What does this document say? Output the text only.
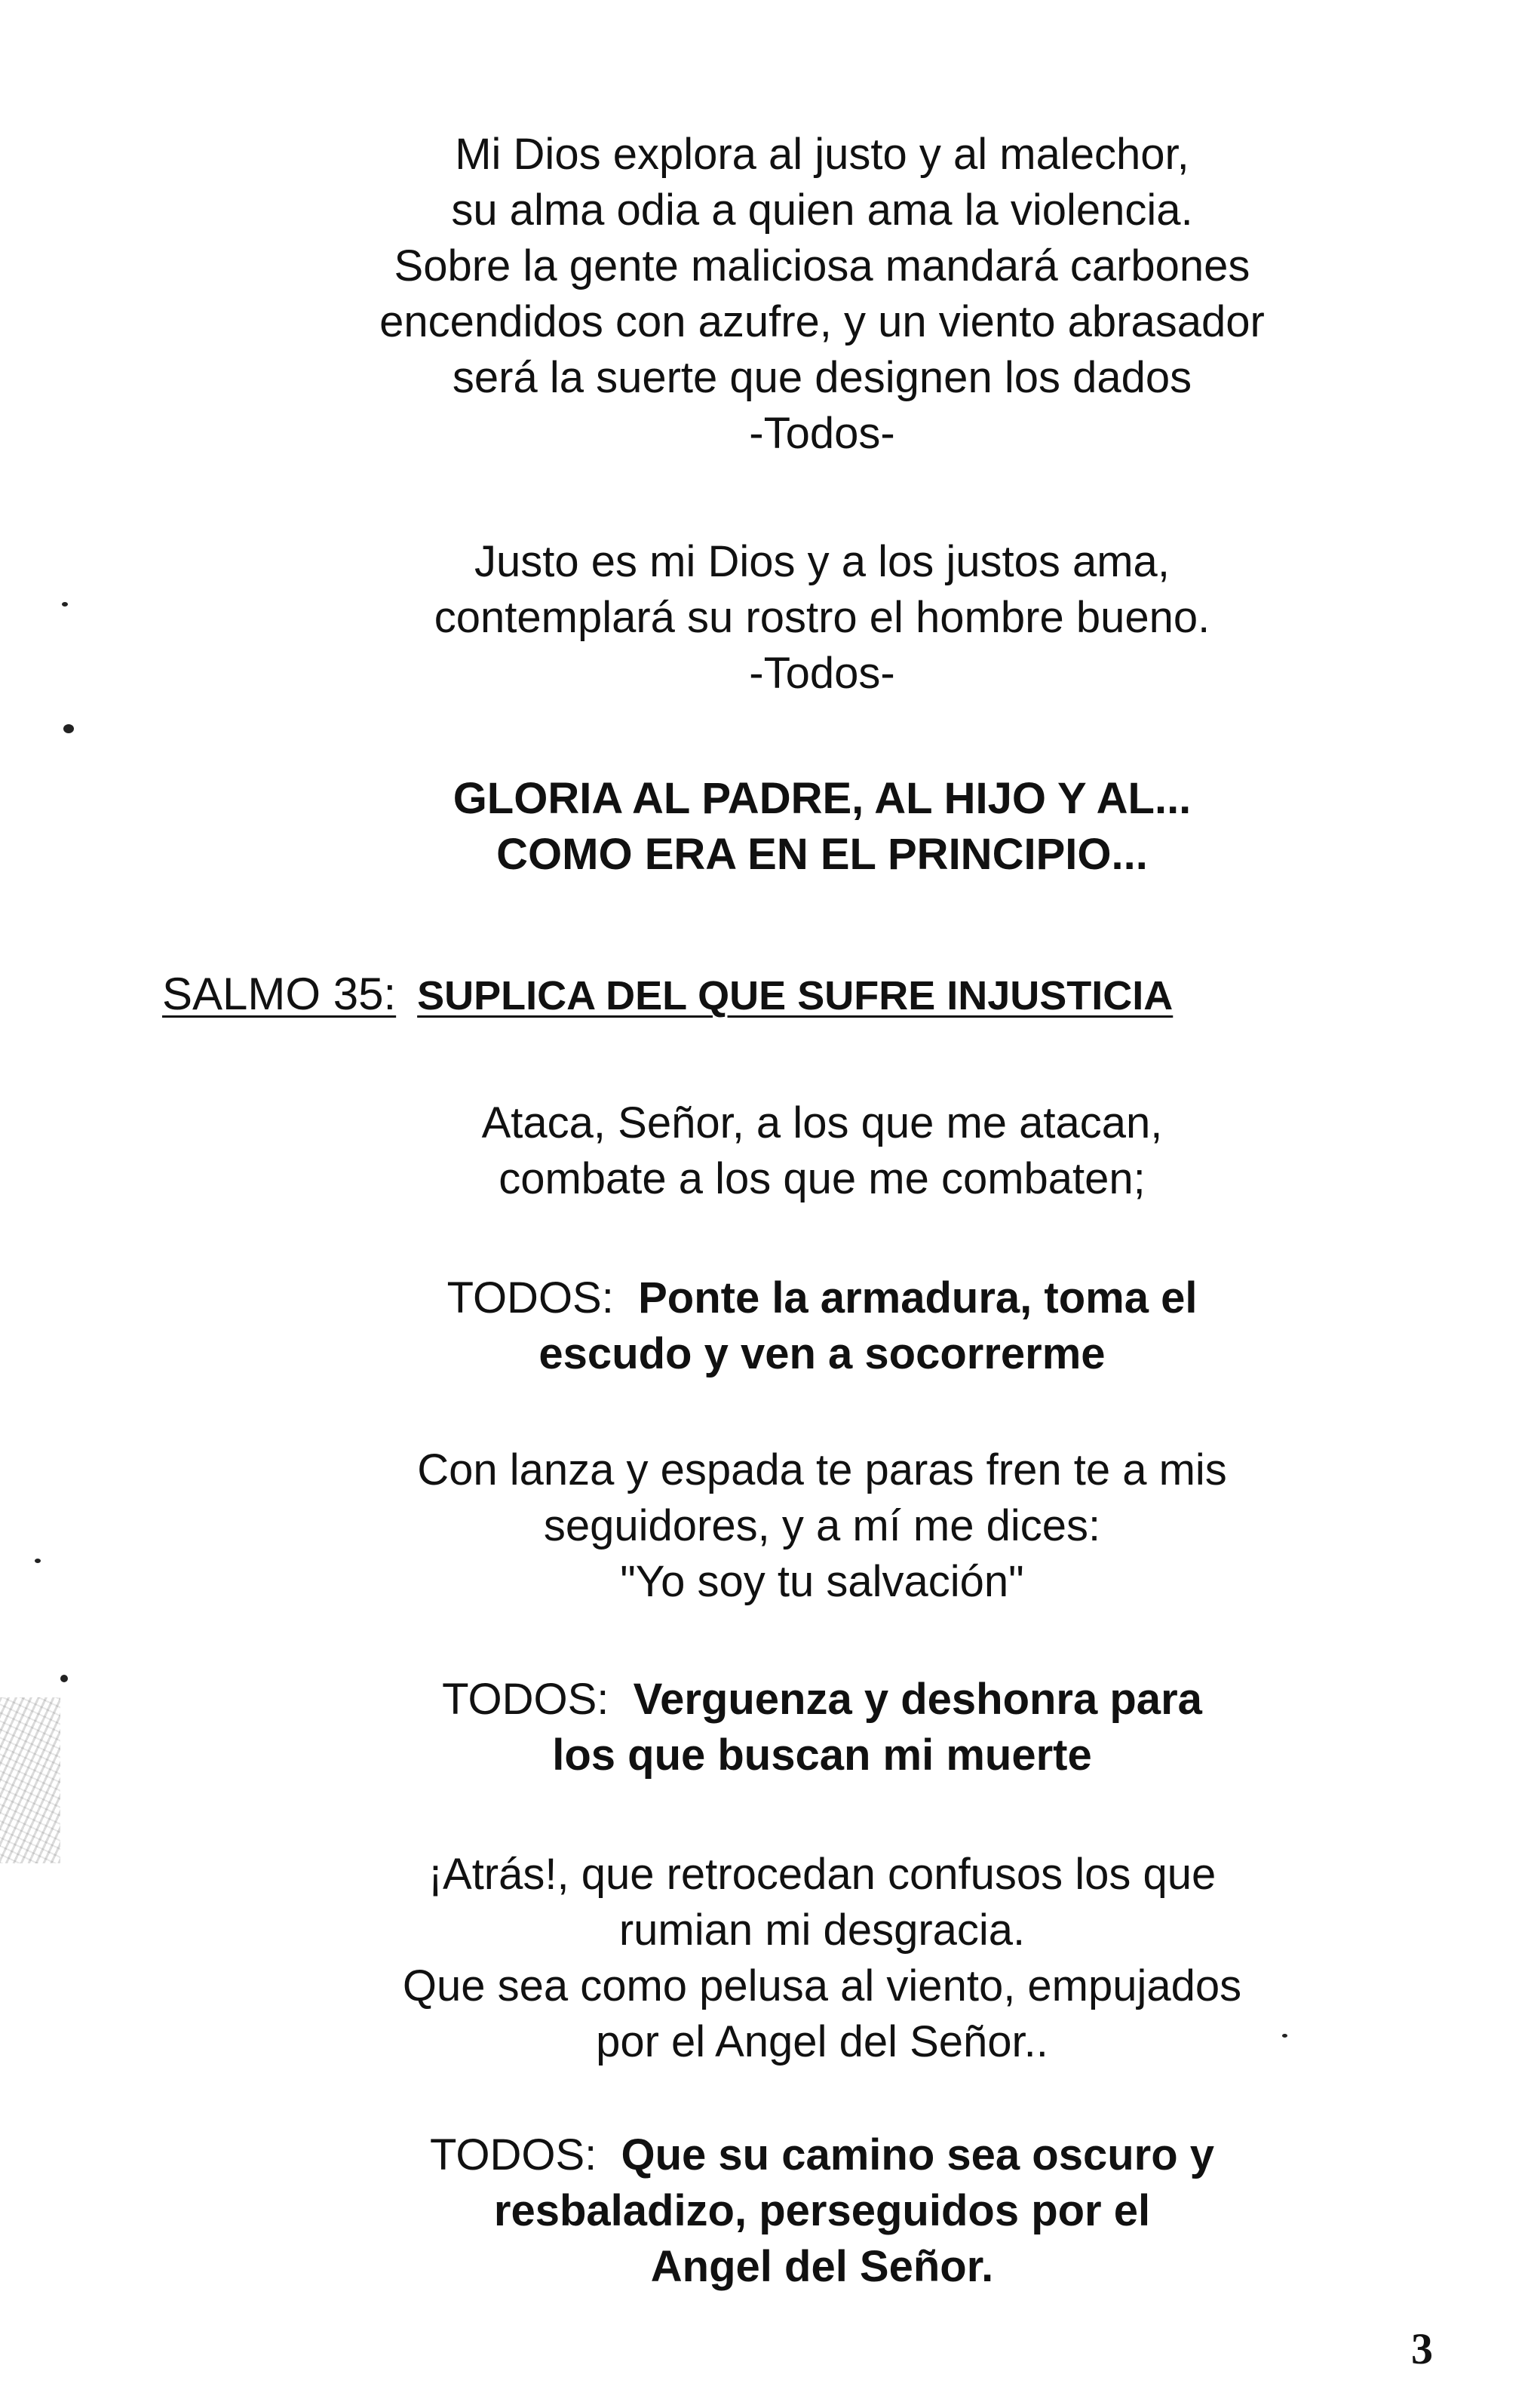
Mi Dios explora al justo y al malechor,
su alma odia a quien ama la violencia.
Sobre la gente maliciosa mandará carbones
encendidos con azufre, y un viento abrasador
será la suerte que designen los dados
-Todos-
Justo es mi Dios y a los justos ama,
contemplará su rostro el hombre bueno.
-Todos-
GLORIA AL PADRE, AL HIJO Y AL...
COMO ERA EN EL PRINCIPIO...
SALMO 35: SUPLICA DEL QUE SUFRE INJUSTICIA
Ataca, Señor, a los que me atacan,
combate a los que me combaten;
TODOS: Ponte la armadura, toma el
escudo y ven a socorrerme
Con lanza y espada te paras fren te a mis
seguidores, y a mí me dices:
"Yo soy tu salvación"
TODOS: Verguenza y deshonra para
los que buscan mi muerte
¡Atrás!, que retrocedan confusos los que
rumian mi desgracia.
Que sea como pelusa al viento, empujados
por el Angel del Señor..
TODOS: Que su camino sea oscuro y
resbaladizo, perseguidos por el
Angel del Señor.
3
